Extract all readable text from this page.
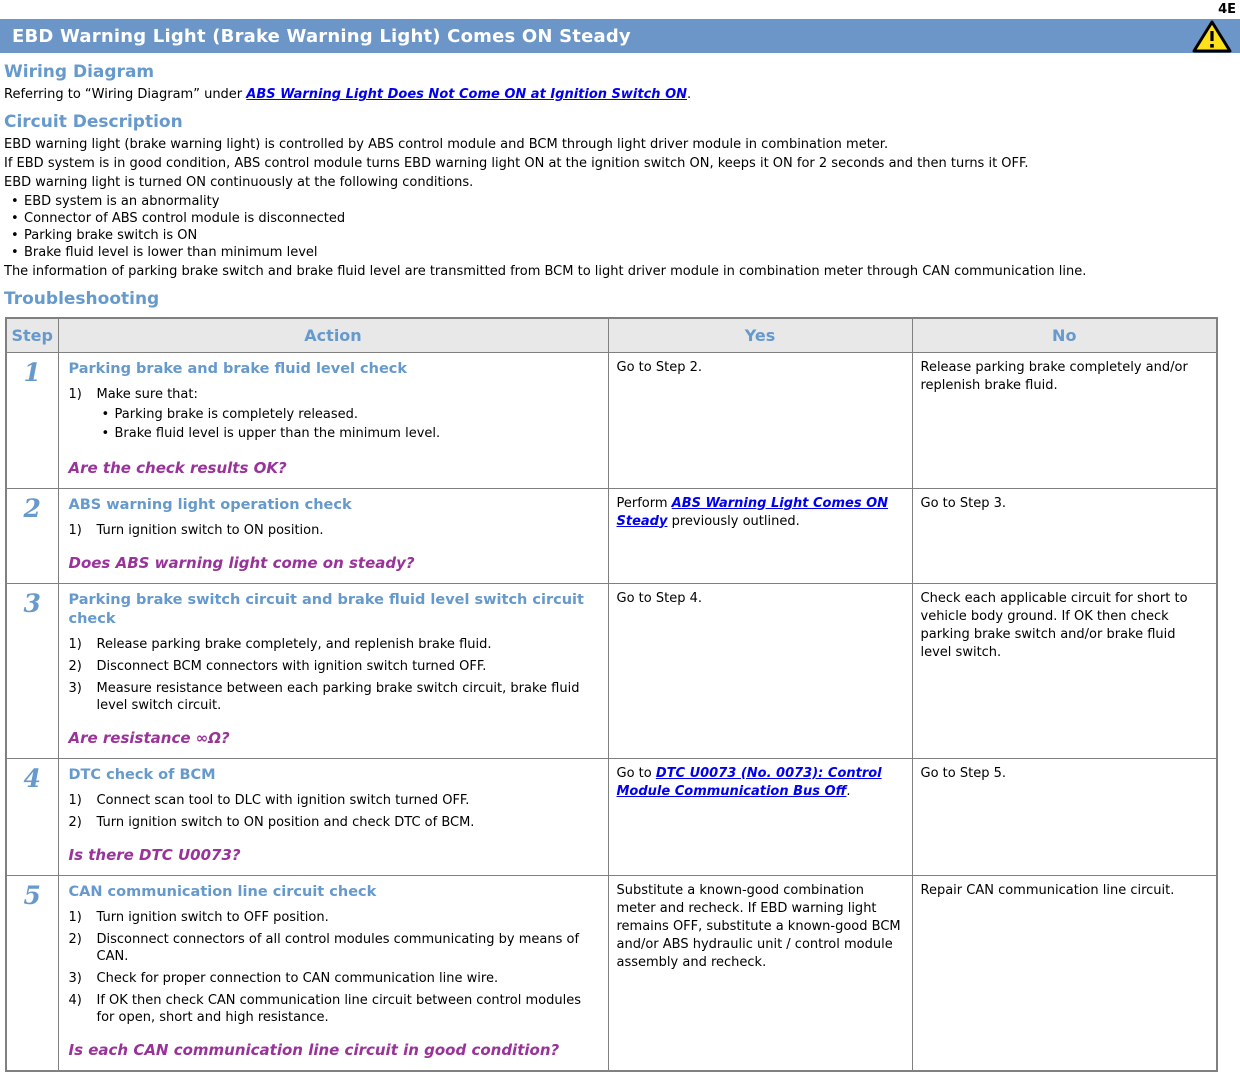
4E
EBD Warning Light (Brake Warning Light) Comes ON Steady
Wiring Diagram

Referring to “Wiring Diagram” under ABS Warning Light Does Not Come ON at Ignition Switch ON.

Circuit Description
EBD warning light (brake warning light) is controlled by ABS control module and BCM through light driver module in combination meter.
If EBD system is in good condition, ABS control module turns EBD warning light ON at the ignition switch ON, keeps it ON for 2 seconds and then turns it OFF.
EBD warning light is turned ON continuously at the following conditions.
• EBD system is an abnormality
• Connector of ABS control module is disconnected
• Parking brake switch is ON
• Brake fluid level is lower than minimum level

The information of parking brake switch and brake fluid level are transmitted from BCM to light driver module in combination meter through CAN communication line.

Troubleshooting
Step	Action	Yes	No

1	Parking brake and brake fluid level check
1)	Make sure that:
• Parking brake is completely released.
• Brake fluid level is upper than the minimum level.
Are the check results OK?
	Go to Step 2.	Release parking brake completely and/or replenish brake fluid.

2	ABS warning light operation check
1) Turn ignition switch to ON position.
Does ABS warning light come on steady?	Perform ABS Warning Light Comes ON Steady previously outlined.	Go to Step 3.

3	Parking brake switch circuit and brake fluid level switch circuit check
1)	Release parking brake completely, and replenish brake fluid.
2)	Disconnect BCM connectors with ignition switch turned OFF.
3)	Measure resistance between each parking brake switch circuit, brake fluid level switch circuit.
Are resistance ∞Ω?
	Go to Step 4.	Check each applicable circuit for short to vehicle body ground. If OK then check parking brake switch and/or brake fluid level switch.

4	DTC check of BCM
1)	Connect scan tool to DLC with ignition switch turned OFF.
2)	Turn ignition switch to ON position and check DTC of BCM.
Is there DTC U0073?
	Go to DTC U0073 (No. 0073): Control Module Communication Bus Off.	Go to Step 5.

5	CAN communication line circuit check
1)	Turn ignition switch to OFF position.
2)	Disconnect connectors of all control modules communicating by means of CAN.
3)	Check for proper connection to CAN communication line wire.
4)	If OK then check CAN communication line circuit between control modules for open, short and high resistance.
Is each CAN communication line circuit in good condition?
	Substitute a known-good combination meter and recheck. If EBD warning light remains OFF, substitute a known-good BCM and/or ABS hydraulic unit / control module assembly and recheck.	Repair CAN communication line circuit.
